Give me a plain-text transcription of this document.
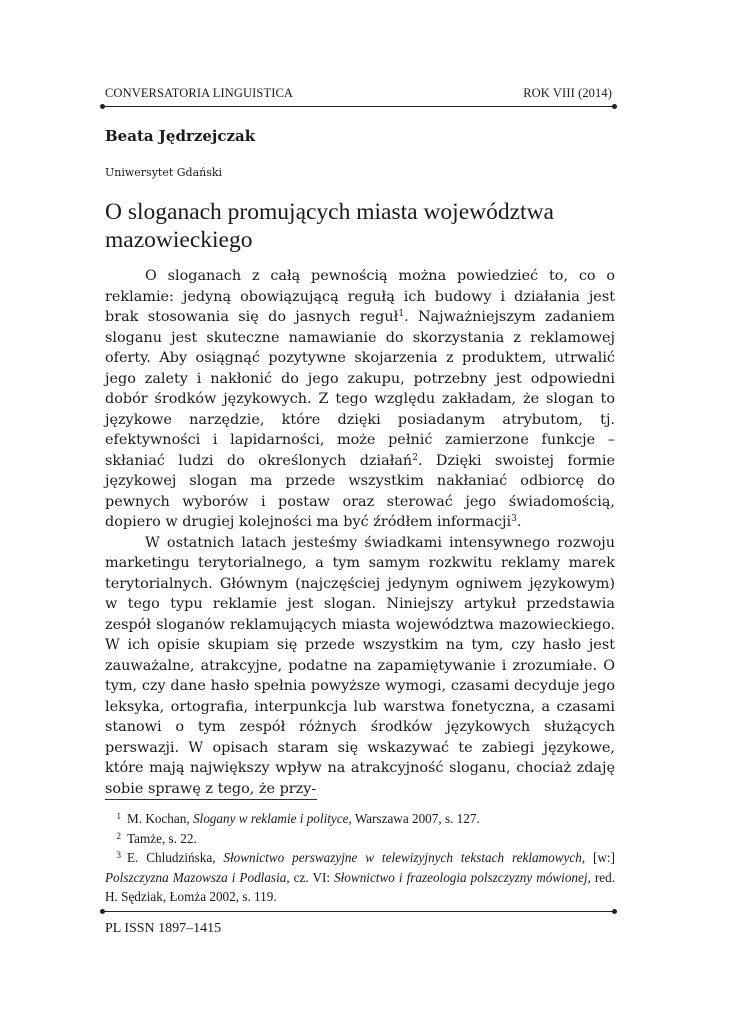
CONVERSATORIA LINGUISTICA	ROK VIII (2014)
Beata Jędrzejczak
Uniwersytet Gdański
O sloganach promujących miasta województwa mazowieckiego

O sloganach z całą pewnością można powiedzieć to, co o reklamie: jedyną obowiązującą regułą ich budowy i działania jest brak stosowania się do jasnych reguł$^1$. Najważniejszym zadaniem sloganu jest skuteczne namawianie do skorzystania z reklamowej oferty. Aby osiągnąć pozytywne skojarzenia z produktem, utrwalić jego zalety i nakłonić do jego zakupu, potrzebny jest odpowiedni dobór środków językowych. Z tego względu zakładam, że slogan to językowe narzędzie, które dzięki posiadanym atrybutom, tj. efektywności i lapidarności, może pełnić zamierzone funkcje – skłaniać ludzi do określonych działań$^2$. Dzięki swoistej formie językowej slogan ma przede wszystkim nakłaniać odbiorcę do pewnych wyborów i postaw oraz sterować jego świadomością, dopiero w drugiej kolejności ma być źródłem informacji$^3$.

W ostatnich latach jesteśmy świadkami intensywnego rozwoju marketingu terytorialnego, a tym samym rozkwitu reklamy marek terytorialnych. Głównym (najczęściej jedynym ogniwem językowym) w tego typu reklamie jest slogan. Niniejszy artykuł przedstawia zespół sloganów reklamujących miasta województwa mazowieckiego. W ich opisie skupiam się przede wszystkim na tym, czy hasło jest zauważalne, atrakcyjne, podatne na zapamiętywanie i zrozumiałe. O tym, czy dane hasło spełnia powyższe wymogi, czasami decyduje jego leksyka, ortografia, interpunkcja lub warstwa fonetyczna, a czasami stanowi o tym zespół różnych środków językowych służących perswazji. W opisach staram się wskazywać te zabiegi językowe, które mają największy wpływ na atrakcyjność sloganu, chociaż zdaję sobie sprawę z tego, że przy-

1 M. Kochan, Slogany w reklamie i polityce, Warszawa 2007, s. 127.

2 Tamże, s. 22.

3 E. Chludzińska, Słownictwo perswazyjne w telewizyjnych tekstach reklamowych, [w:] Polszczyzna Mazowsza i Podlasia, cz. VI: Słownictwo i frazeologia polszczyzny mówionej, red. H. Sędziak, Łomża 2002, s. 119.

PL ISSN 1897–1415
